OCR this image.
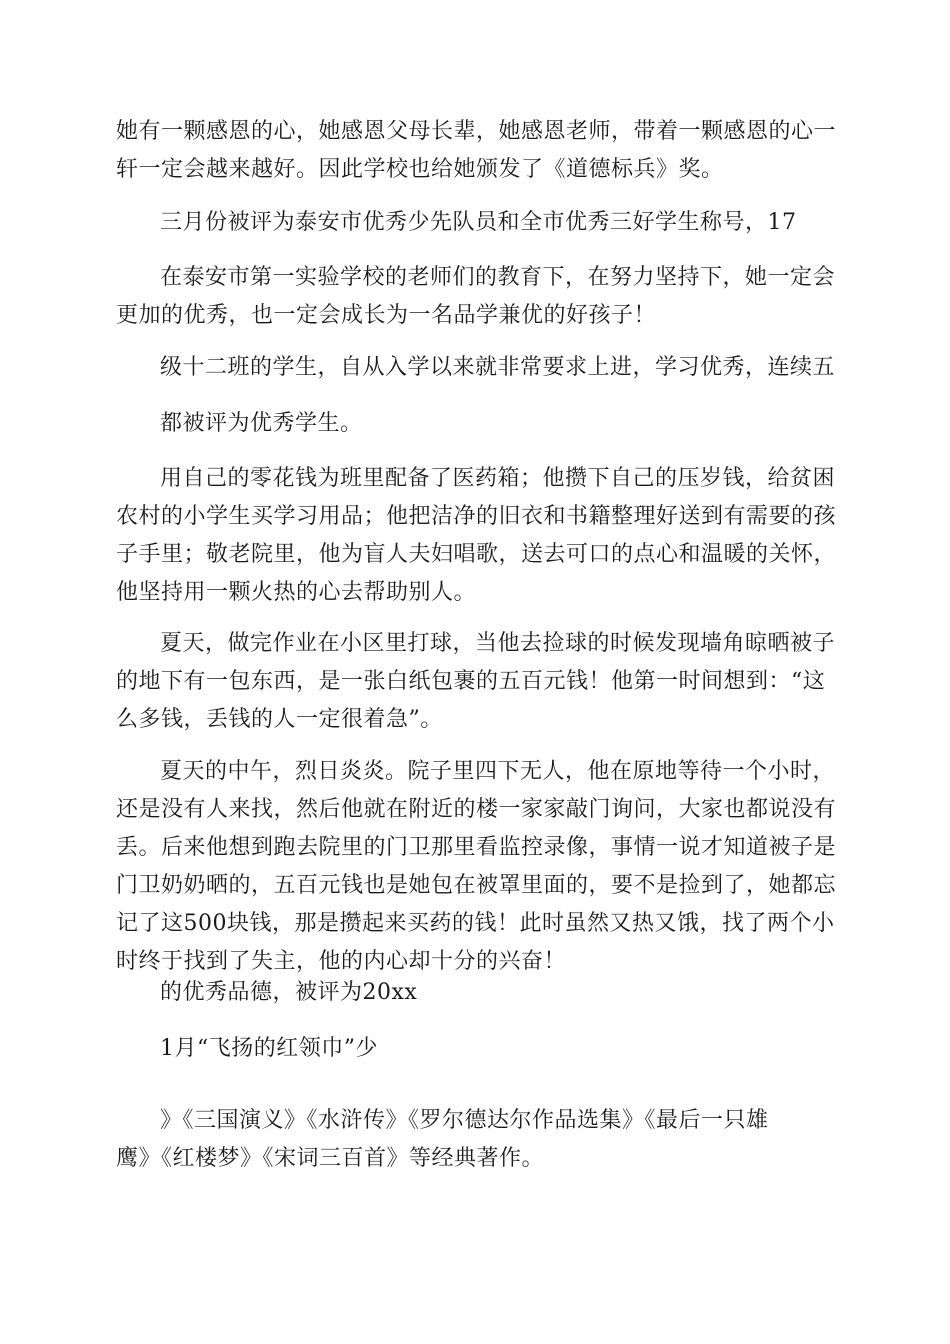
她有一颗感恩的心，她感恩父母长辈，她感恩老师，带着一颗感恩的心一
轩一定会越来越好。因此学校也给她颁发了《道德标兵》奖。
三月份被评为泰安市优秀少先队员和全市优秀三好学生称号，17
在泰安市第一实验学校的老师们的教育下，在努力坚持下，她一定会
更加的优秀，也一定会成长为一名品学兼优的好孩子！
级十二班的学生，自从入学以来就非常要求上进，学习优秀，连续五
都被评为优秀学生。
用自己的零花钱为班里配备了医药箱；他攒下自己的压岁钱，给贫困
农村的小学生买学习用品；他把洁净的旧衣和书籍整理好送到有需要的孩
子手里；敬老院里，他为盲人夫妇唱歌，送去可口的点心和温暖的关怀，
他坚持用一颗火热的心去帮助别人。
夏天，做完作业在小区里打球，当他去捡球的时候发现墙角晾晒被子
的地下有一包东西，是一张白纸包裹的五百元钱！他第一时间想到：“这
么多钱，丢钱的人一定很着急”。
夏天的中午，烈日炎炎。院子里四下无人，他在原地等待一个小时，
还是没有人来找，然后他就在附近的楼一家家敲门询问，大家也都说没有
丢。后来他想到跑去院里的门卫那里看监控录像，事情一说才知道被子是
门卫奶奶晒的，五百元钱也是她包在被罩里面的，要不是捡到了，她都忘
记了这500块钱，那是攒起来买药的钱！此时虽然又热又饿，找了两个小
时终于找到了失主，他的内心却十分的兴奋！
的优秀品德，被评为20xx
1月“飞扬的红领巾”少
》《三国演义》《水浒传》《罗尔德达尔作品选集》《最后一只雄
鹰》《红楼梦》《宋词三百首》等经典著作。
